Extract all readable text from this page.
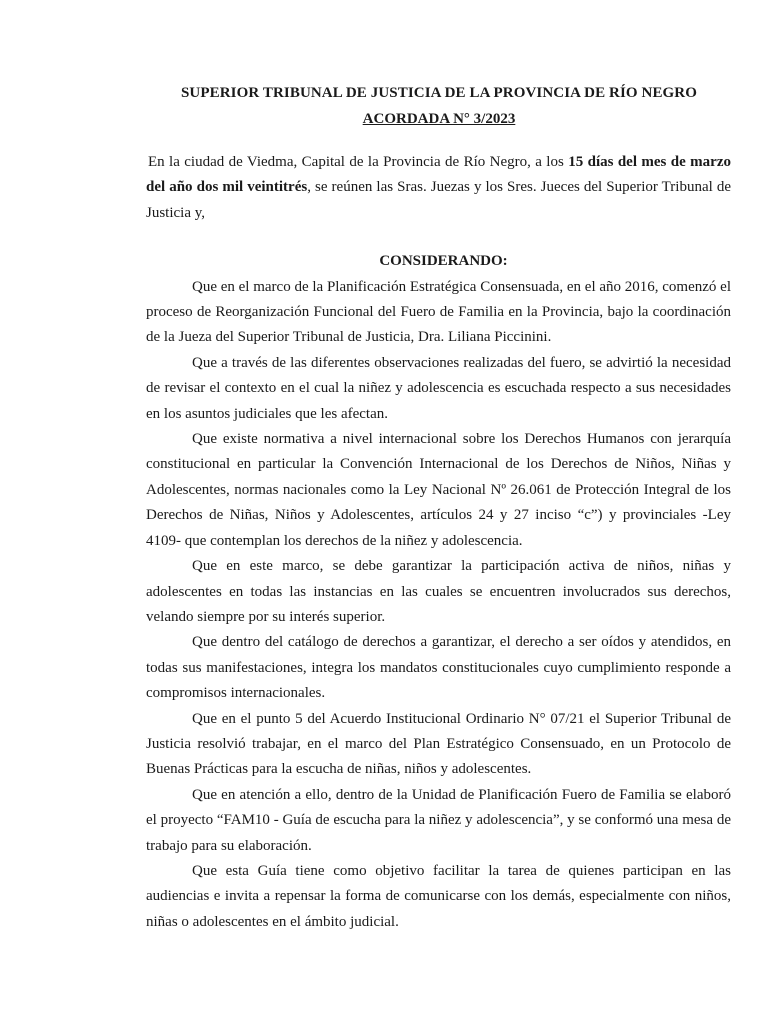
SUPERIOR TRIBUNAL DE JUSTICIA DE LA PROVINCIA DE RÍO NEGRO
ACORDADA N° 3/2023

En la ciudad de Viedma, Capital de la Provincia de Río Negro, a los 15 días del mes de marzo del año dos mil veintitrés, se reúnen las Sras. Juezas y los Sres. Jueces del Superior Tribunal de Justicia y,

CONSIDERANDO:

Que en el marco de la Planificación Estratégica Consensuada, en el año 2016, comenzó el proceso de Reorganización Funcional del Fuero de Familia en la Provincia, bajo la coordinación de la Jueza del Superior Tribunal de Justicia, Dra. Liliana Piccinini.

Que a través de las diferentes observaciones realizadas del fuero, se advirtió la necesidad de revisar el contexto en el cual la niñez y adolescencia es escuchada respecto a sus necesidades en los asuntos judiciales que les afectan.

Que existe normativa a nivel internacional sobre los Derechos Humanos con jerarquía constitucional en particular la Convención Internacional de los Derechos de Niños, Niñas y Adolescentes, normas nacionales como la Ley Nacional Nº 26.061 de Protección Integral de los Derechos de Niñas, Niños y Adolescentes, artículos 24 y 27 inciso “c”) y provinciales -Ley 4109- que contemplan los derechos de la niñez y adolescencia.

Que en este marco, se debe garantizar la participación activa de niños, niñas y adolescentes en todas las instancias en las cuales se encuentren involucrados sus derechos, velando siempre por su interés superior.

Que dentro del catálogo de derechos a garantizar, el derecho a ser oídos y atendidos, en todas sus manifestaciones, integra los mandatos constitucionales cuyo cumplimiento responde a compromisos internacionales.

Que en el punto 5 del Acuerdo Institucional Ordinario N° 07/21 el Superior Tribunal de Justicia resolvió trabajar, en el marco del Plan Estratégico Consensuado, en un Protocolo de Buenas Prácticas para la escucha de niñas, niños y adolescentes.

Que en atención a ello, dentro de la Unidad de Planificación Fuero de Familia se elaboró el proyecto “FAM10 - Guía de escucha para la niñez y adolescencia”, y se conformó una mesa de trabajo para su elaboración.

Que esta Guía tiene como objetivo facilitar la tarea de quienes participan en las audiencias e invita a repensar la forma de comunicarse con los demás, especialmente con niños, niñas o adolescentes en el ámbito judicial.
